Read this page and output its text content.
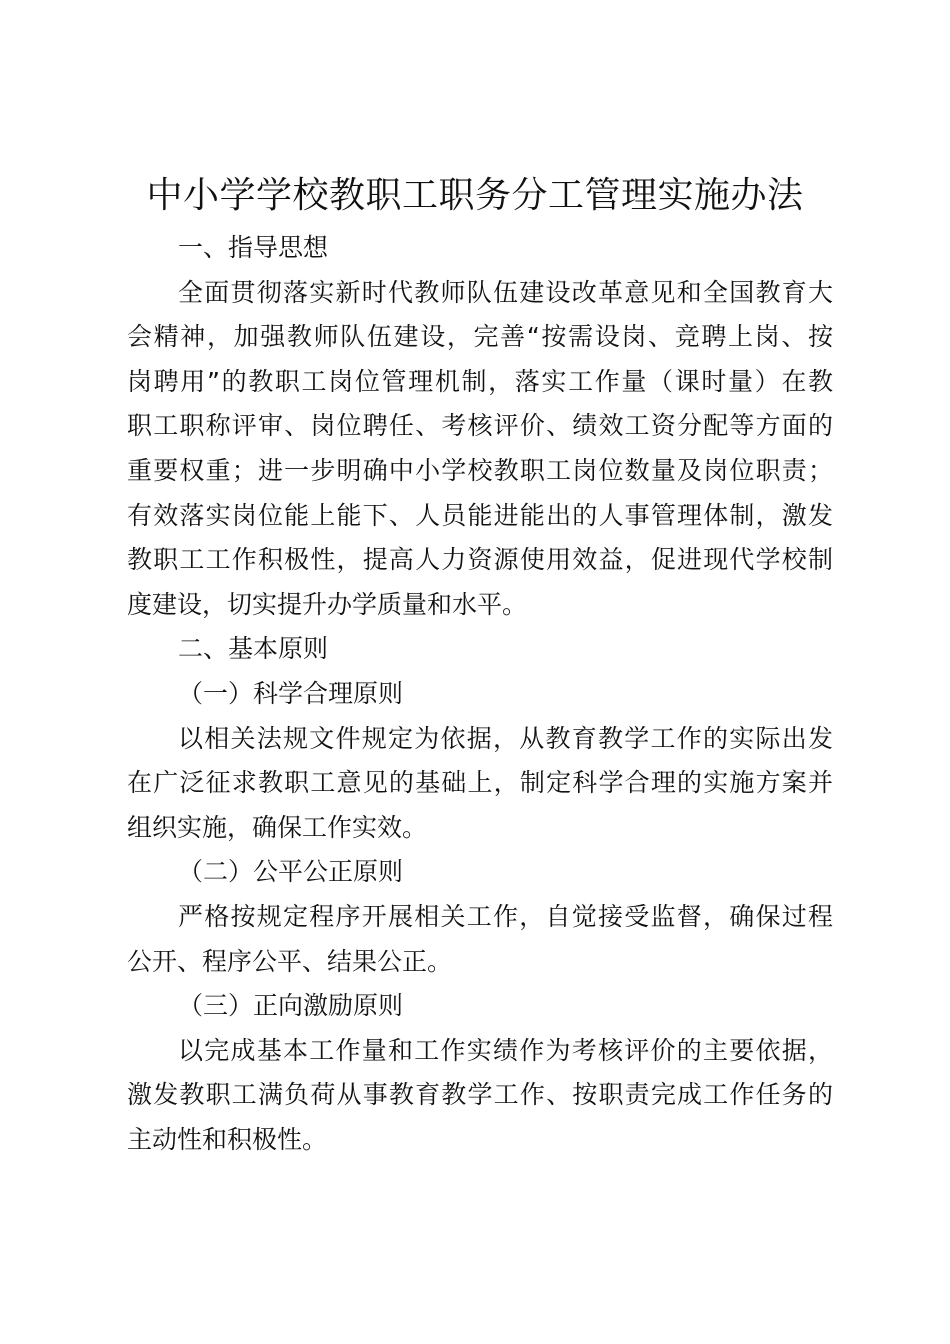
中小学学校教职工职务分工管理实施办法
一、指导思想
全面贯彻落实新时代教师队伍建设改革意见和全国教育大
会精神，加强教师队伍建设，完善“按需设岗、竞聘上岗、按
岗聘用”的教职工岗位管理机制，落实工作量（课时量）在教
职工职称评审、岗位聘任、考核评价、绩效工资分配等方面的
重要权重；进一步明确中小学校教职工岗位数量及岗位职责；
有效落实岗位能上能下、人员能进能出的人事管理体制，激发
教职工工作积极性，提高人力资源使用效益，促进现代学校制
度建设，切实提升办学质量和水平。
二、基本原则
（一）科学合理原则
以相关法规文件规定为依据，从教育教学工作的实际出发
在广泛征求教职工意见的基础上，制定科学合理的实施方案并
组织实施，确保工作实效。
（二）公平公正原则
严格按规定程序开展相关工作，自觉接受监督，确保过程
公开、程序公平、结果公正。
（三）正向激励原则
以完成基本工作量和工作实绩作为考核评价的主要依据，
激发教职工满负荷从事教育教学工作、按职责完成工作任务的
主动性和积极性。
